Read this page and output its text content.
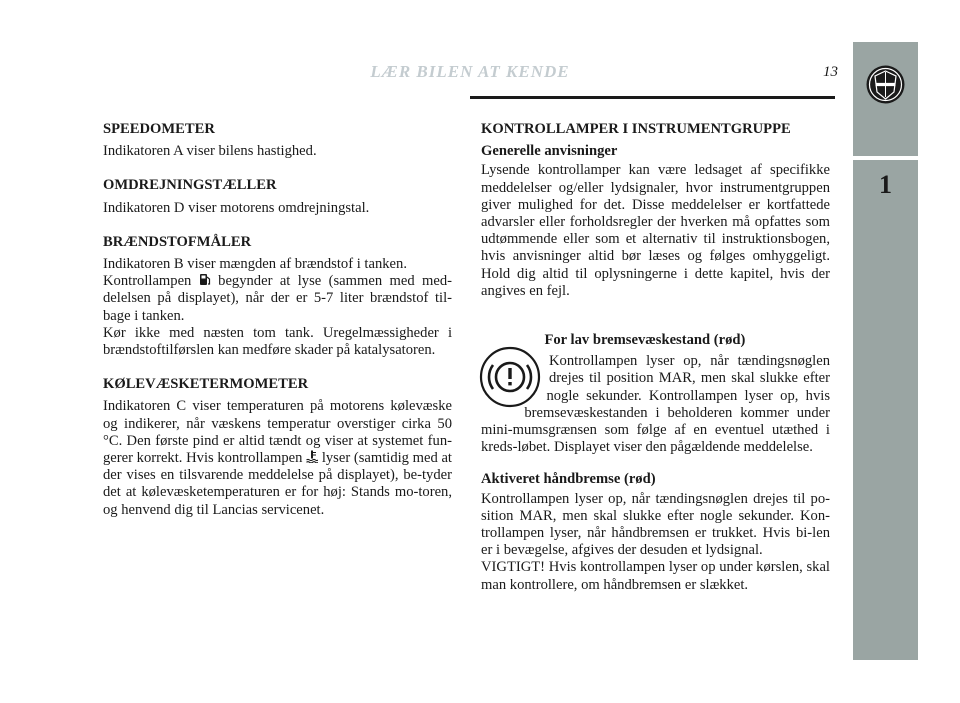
LÆR BILEN AT KENDE	13
1
SPEEDOMETER

Indikatoren A viser bilens hastighed.

OMDREJNINGSTÆLLER

Indikatoren D viser motorens omdrejningstal.

BRÆNDSTOFMÅLER

Indikatoren B viser mængden af brændstof i tanken.

Kontrollampen begynder at lyse (sammen med med-delelsen på displayet), når der er 5-7 liter brændstof til-bage i tanken.

Kør ikke med næsten tom tank. Uregelmæssigheder i brændstoftilførslen kan medføre skader på katalysatoren.

KØLEVÆSKETERMOMETER

Indikatoren C viser temperaturen på motorens kølevæske og indikerer, når væskens temperatur overstiger cirka 50 °C. Den første pind er altid tændt og viser at systemet fun-gerer korrekt. Hvis kontrollampen lyser (samtidig med at der vises en tilsvarende meddelelse på displayet), be-tyder det at kølevæsketemperaturen er for høj: Stands mo-toren, og henvend dig til Lancias servicenet.

KONTROLLAMPER I INSTRUMENTGRUPPE
Generelle anvisninger

Lysende kontrollamper kan være ledsaget af specifikke meddelelser og/eller lydsignaler, hvor instrumentgruppen giver mulighed for det. Disse meddelelser er kortfattede advarsler eller forholdsregler der hverken må opfattes som udtømmende eller som et alternativ til instruktionsbogen, hvis anvisninger altid bør læses og følges omhyggeligt. Hold dig altid til oplysningerne i dette kapitel, hvis der angives en fejl.

For lav bremsevæskestand (rød)

Kontrollampen lyser op, når tændingsnøglen drejes til position MAR, men skal slukke efter nogle sekunder. Kontrollampen lyser op, hvis bremsevæskestanden i beholderen kommer under mini-mumsgrænsen som følge af en eventuel utæthed i kreds-løbet. Displayet viser den pågældende meddelelse.

Aktiveret håndbremse (rød)

Kontrollampen lyser op, når tændingsnøglen drejes til po-sition MAR, men skal slukke efter nogle sekunder. Kon-trollampen lyser, når håndbremsen er trukket. Hvis bi-len er i bevægelse, afgives der desuden et lydsignal.

VIGTIGT! Hvis kontrollampen lyser op under kørslen, skal man kontrollere, om håndbremsen er slækket.
